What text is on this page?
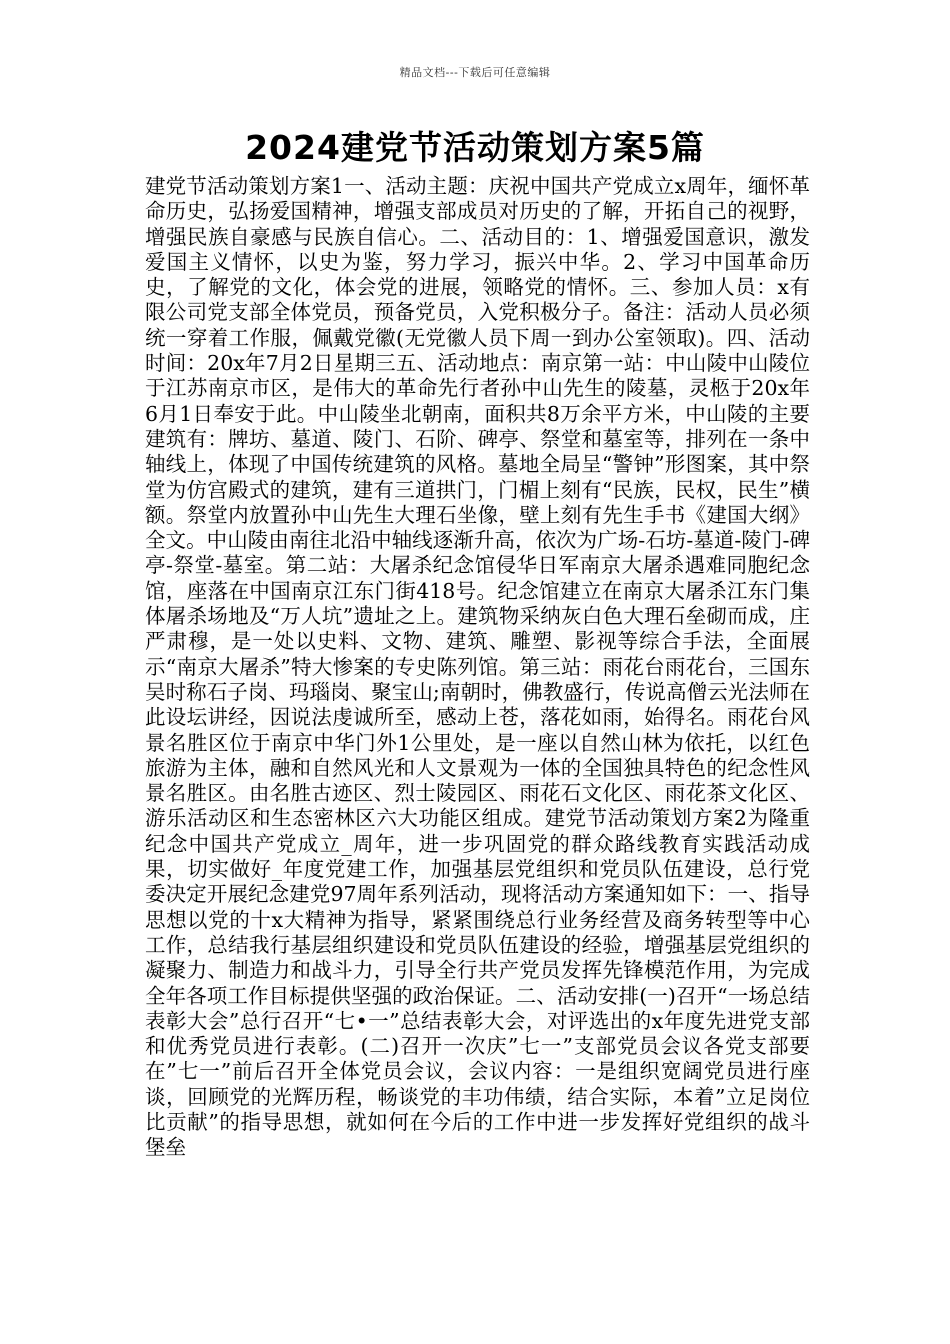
精品文档---下载后可任意编辑
2024建党节活动策划方案5篇

建党节活动策划方案1一、活动主题：庆祝中国共产党成立x周年，缅怀革命历史，弘扬爱国精神，增强支部成员对历史的了解，开拓自己的视野，增强民族自豪感与民族自信心。二、活动目的：1、增强爱国意识，激发爱国主义情怀，以史为鉴，努力学习，振兴中华。2、学习中国革命历史，了解党的文化，体会党的进展，领略党的情怀。三、参加人员：x有限公司党支部全体党员，预备党员，入党积极分子。备注：活动人员必须统一穿着工作服，佩戴党徽(无党徽人员下周一到办公室领取)。四、活动时间：20x年7月2日星期三五、活动地点：南京第一站：中山陵中山陵位于江苏南京市区，是伟大的革命先行者孙中山先生的陵墓，灵柩于20x年6月1日奉安于此。中山陵坐北朝南，面积共8万余平方米，中山陵的主要建筑有：牌坊、墓道、陵门、石阶、碑亭、祭堂和墓室等，排列在一条中轴线上，体现了中国传统建筑的风格。墓地全局呈“警钟”形图案，其中祭堂为仿宫殿式的建筑，建有三道拱门，门楣上刻有“民族，民权，民生”横额。祭堂内放置孙中山先生大理石坐像，壁上刻有先生手书《建国大纲》全文。中山陵由南往北沿中轴线逐渐升高，依次为广场-石坊-墓道-陵门-碑亭-祭堂-墓室。第二站：大屠杀纪念馆侵华日军南京大屠杀遇难同胞纪念馆，座落在中国南京江东门街418号。纪念馆建立在南京大屠杀江东门集体屠杀场地及“万人坑”遗址之上。建筑物采纳灰白色大理石垒砌而成，庄严肃穆，是一处以史料、文物、建筑、雕塑、影视等综合手法，全面展示“南京大屠杀”特大惨案的专史陈列馆。第三站：雨花台雨花台，三国东吴时称石子岗、玛瑙岗、聚宝山;南朝时，佛教盛行，传说高僧云光法师在此设坛讲经，因说法虔诚所至，感动上苍，落花如雨，始得名。雨花台风景名胜区位于南京中华门外1公里处，是一座以自然山林为依托，以红色旅游为主体，融和自然风光和人文景观为一体的全国独具特色的纪念性风景名胜区。由名胜古迹区、烈士陵园区、雨花石文化区、雨花茶文化区、游乐活动区和生态密林区六大功能区组成。建党节活动策划方案2为隆重纪念中国共产党成立_周年，进一步巩固党的群众路线教育实践活动成果，切实做好_年度党建工作，加强基层党组织和党员队伍建设，总行党委决定开展纪念建党97周年系列活动，现将活动方案通知如下：一、指导思想以党的十x大精神为指导，紧紧围绕总行业务经营及商务转型等中心工作，总结我行基层组织建设和党员队伍建设的经验，增强基层党组织的凝聚力、制造力和战斗力，引导全行共产党员发挥先锋模范作用，为完成全年各项工作目标提供坚强的政治保证。二、活动安排(一)召开“一场总结表彰大会”总行召开“七•一”总结表彰大会，对评选出的x年度先进党支部和优秀党员进行表彰。(二)召开一次庆”七一”支部党员会议各党支部要在”七一”前后召开全体党员会议，会议内容：一是组织宽阔党员进行座谈，回顾党的光辉历程，畅谈党的丰功伟绩，结合实际，本着”立足岗位比贡献”的指导思想，就如何在今后的工作中进一步发挥好党组织的战斗堡垒
